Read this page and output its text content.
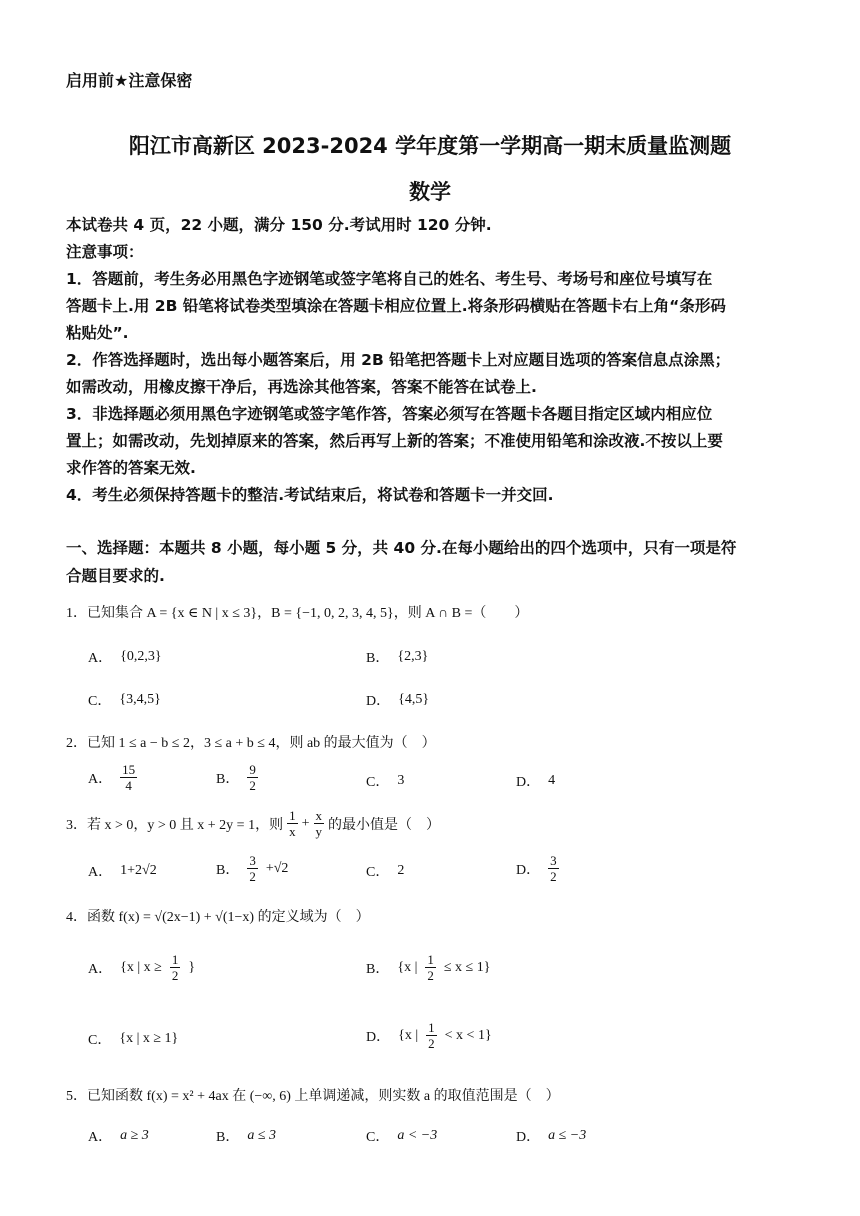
启用前★注意保密
阳江市高新区 2023-2024 学年度第一学期高一期末质量监测题
数学

本试卷共 4 页，22 小题，满分 150 分.考试用时 120 分钟.

注意事项：

1．答题前，考生务必用黑色字迹钢笔或签字笔将自己的姓名、考生号、考场号和座位号填写在

答题卡上.用 2B 铅笔将试卷类型填涂在答题卡相应位置上.将条形码横贴在答题卡右上角“条形码

粘贴处”.

2．作答选择题时，选出每小题答案后，用 2B 铅笔把答题卡上对应题目选项的答案信息点涂黑；

如需改动，用橡皮擦干净后，再选涂其他答案，答案不能答在试卷上.

3．非选择题必须用黑色字迹钢笔或签字笔作答，答案必须写在答题卡各题目指定区域内相应位

置上；如需改动，先划掉原来的答案，然后再写上新的答案；不准使用铅笔和涂改液.不按以上要

求作答的答案无效.

4．考生必须保持答题卡的整洁.考试结束后，将试卷和答题卡一并交回.

一、选择题：本题共 8 小题，每小题 5 分，共 40 分.在每小题给出的四个选项中，只有一项是符
合题目要求的.
1．已知集合 A = {x ∈ N | x ≤ 3}，B = {−1, 0, 2, 3, 4, 5}，则 A ∩ B =（　　）
A． {0,2,3}	B． {2,3}
C． {3,4,5}	D． {4,5}
2．已知 1 ≤ a − b ≤ 2，3 ≤ a + b ≤ 4，则 ab 的最大值为（　）
A． $\frac{15}{4}$	B． $\frac{9}{2}$	C． 3	D． 4
3．若 x > 0，y > 0 且 x + 2y = 1，则 $\frac{1}{x} + \frac{x}{y}$ 的最小值是（　）
A． 1+2√2	B． $\frac{3}{2} +√2$	C． 2	D． $\frac{3}{2}$
4．函数 f(x) = √(2x−1) + √(1−x) 的定义域为（　）
A． {x | $x \ge \frac{1}{2}$ }	B． {x | $\frac{1}{2} \le x \le 1$}
C． {x | x ≥ 1}	D． {x | $\frac{1}{2} < x < 1$}
5．已知函数 f(x) = x² + 4ax 在 (−∞, 6) 上单调递减，则实数 a 的取值范围是（　）
A． a ≥ 3	B． a ≤ 3	C． a < −3	D． a ≤ −3
